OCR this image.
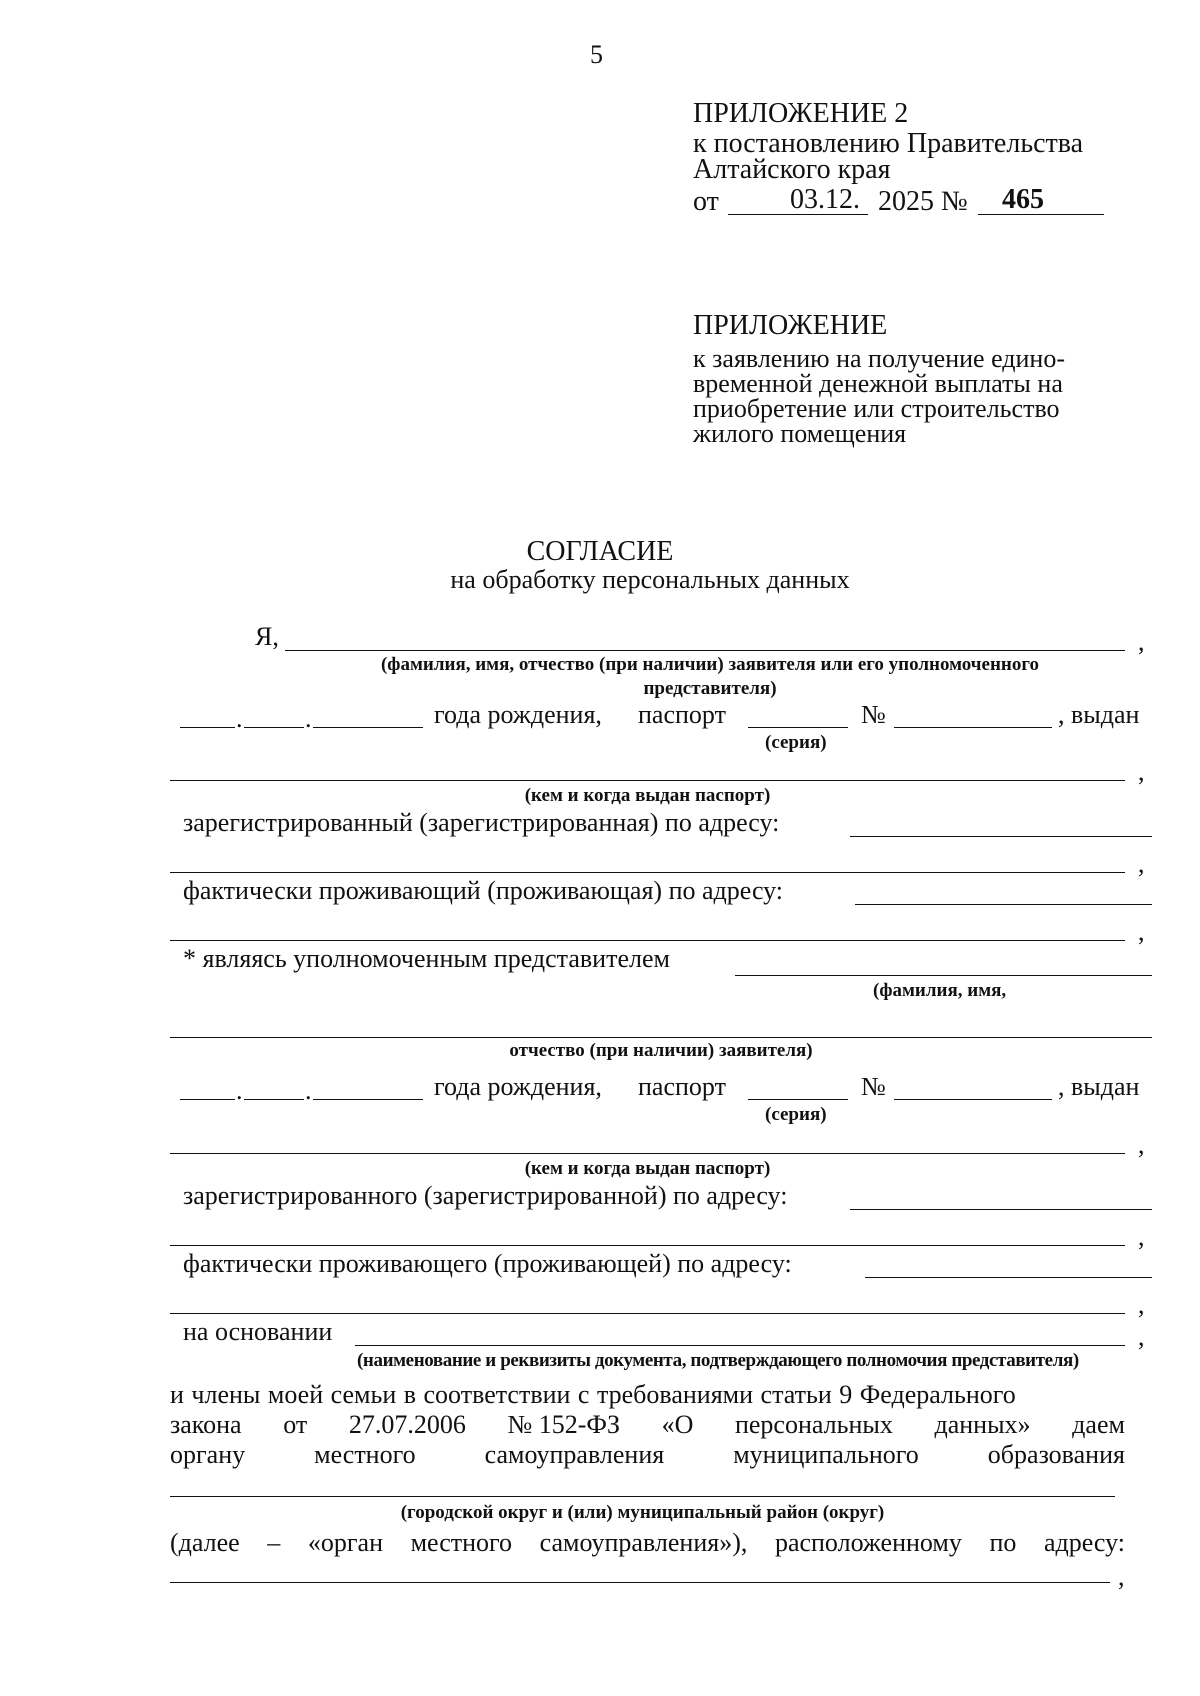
5
ПРИЛОЖЕНИЕ 2
к постановлению Правительства
Алтайского края
от	03.12. 2025 № 465
ПРИЛОЖЕНИЕ
к заявлению на получение едино-
временной денежной выплаты на
приобретение или строительство
жилого помещения
СОГЛАСИЕ
на обработку персональных данных
Я,	,
(фамилия, имя, отчество (при наличии) заявителя или его уполномоченного
представителя)
. .	года рождения, паспорт	№	, выдан
(серия)
,
(кем и когда выдан паспорт)
зарегистрированный (зарегистрированная) по адресу:
,
фактически проживающий (проживающая) по адресу:
,
* являясь уполномоченным представителем
(фамилия, имя,
отчество (при наличии) заявителя)
. .	года рождения, паспорт	№	, выдан
(серия)
,
(кем и когда выдан паспорт)
зарегистрированного (зарегистрированной) по адресу:
,
фактически проживающего (проживающей) по адресу:
,
на основании	,
(наименование и реквизиты документа, подтверждающего полномочия представителя)
и члены моей семьи в соответствии с требованиями статьи 9 Федерального
закона от 27.07.2006 № 152-ФЗ «О персональных данных» даем
органу	местного	самоуправления	муниципального	образования
(городской округ и (или) муниципальный район (округ)
(далее – «орган местного самоуправления»), расположенному по адресу:
,
